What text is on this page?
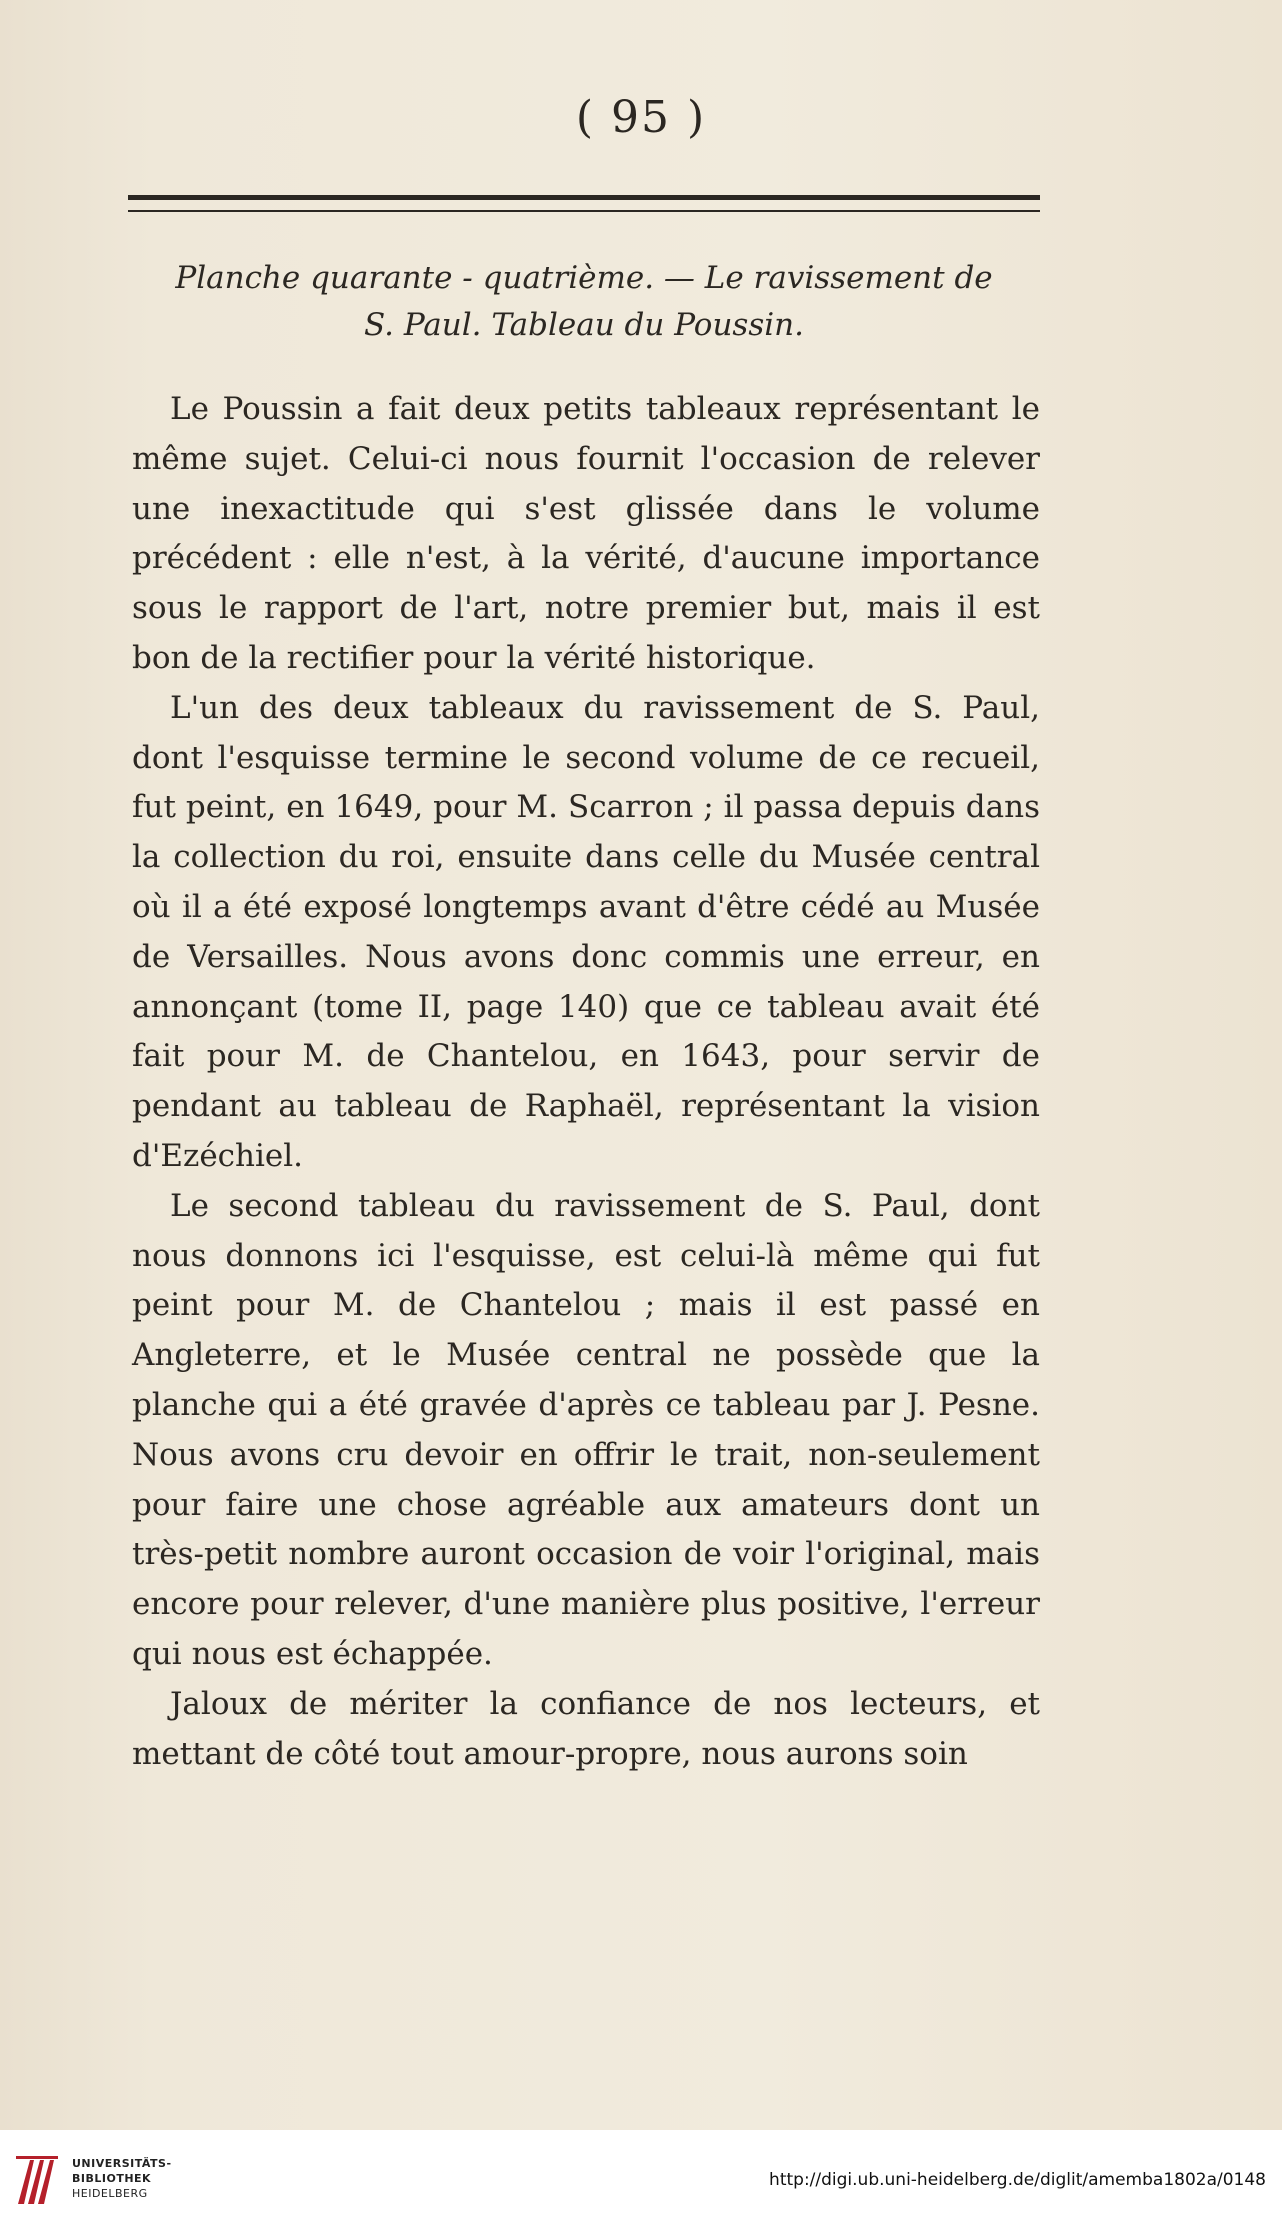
( 95 )
Planche quarante - quatrième. — Le ravissement de
S. Paul. Tableau du Poussin.

Le Poussin a fait deux petits tableaux représentant le même sujet. Celui-ci nous fournit l'occasion de relever une inexactitude qui s'est glissée dans le volume précédent : elle n'est, à la vérité, d'aucune importance sous le rapport de l'art, notre premier but, mais il est bon de la rectifier pour la vérité historique.

L'un des deux tableaux du ravissement de S. Paul, dont l'esquisse termine le second volume de ce recueil, fut peint, en 1649, pour M. Scarron ; il passa depuis dans la collection du roi, ensuite dans celle du Musée central où il a été exposé longtemps avant d'être cédé au Musée de Versailles. Nous avons donc commis une erreur, en annonçant (tome II, page 140) que ce tableau avait été fait pour M. de Chantelou, en 1643, pour servir de pendant au tableau de Raphaël, représentant la vision d'Ezéchiel.

Le second tableau du ravissement de S. Paul, dont nous donnons ici l'esquisse, est celui-là même qui fut peint pour M. de Chantelou ; mais il est passé en Angleterre, et le Musée central ne possède que la planche qui a été gravée d'après ce tableau par J. Pesne. Nous avons cru devoir en offrir le trait, non-seulement pour faire une chose agréable aux amateurs dont un très-petit nombre auront occasion de voir l'original, mais encore pour relever, d'une manière plus positive, l'erreur qui nous est échappée.

Jaloux de mériter la confiance de nos lecteurs, et mettant de côté tout amour-propre, nous aurons soin

UNIVERSITÄTS-
BIBLIOTHEK
HEIDELBERG
http://digi.ub.uni-heidelberg.de/diglit/amemba1802a/0148
